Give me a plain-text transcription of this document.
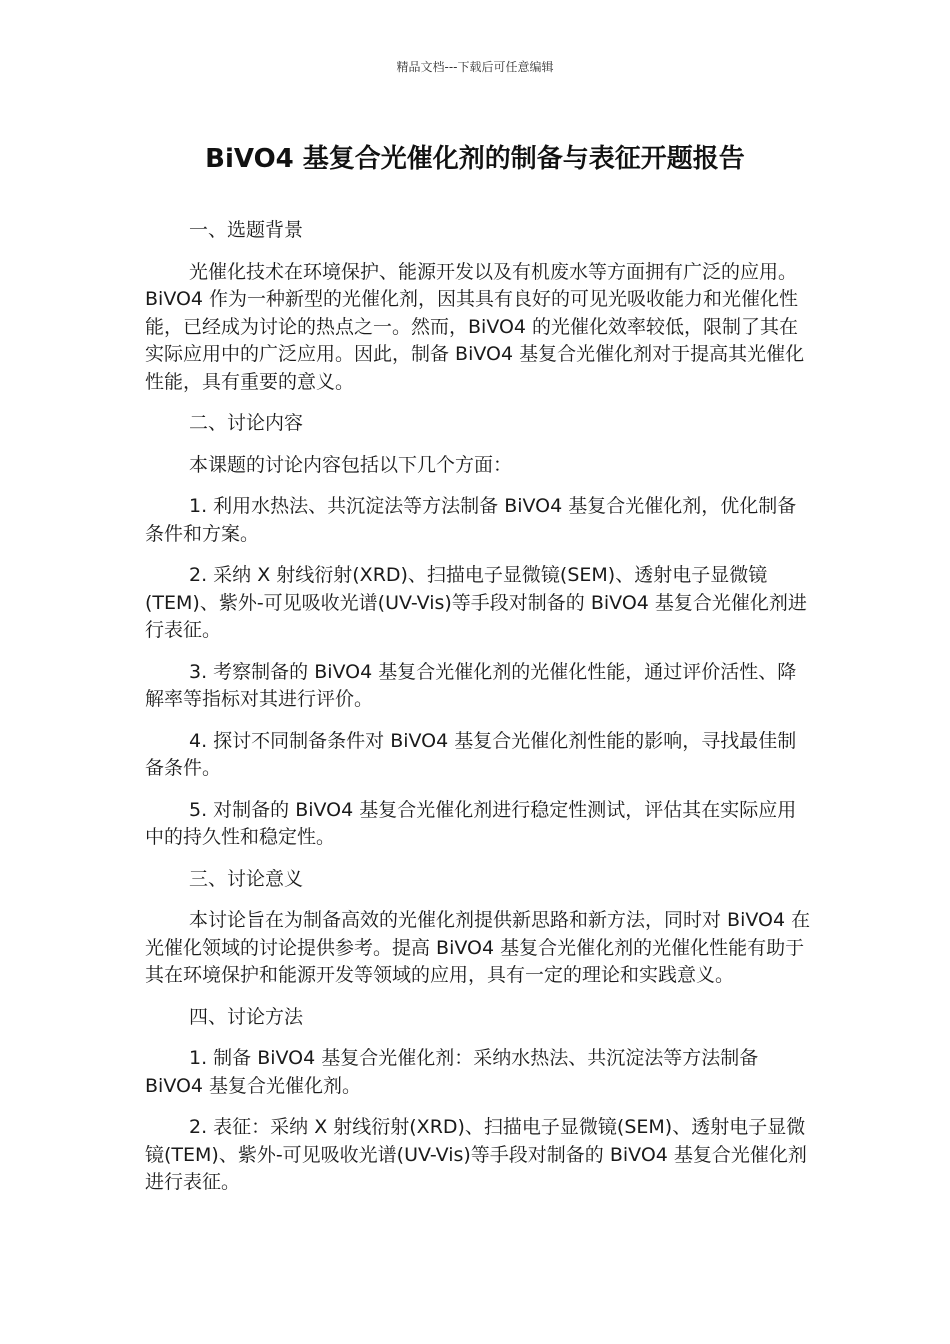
精品文档---下载后可任意编辑
BiVO4 基复合光催化剂的制备与表征开题报告

一、选题背景

光催化技术在环境保护、能源开发以及有机废水等方面拥有广泛的应用。BiVO4 作为一种新型的光催化剂，因其具有良好的可见光吸收能力和光催化性能，已经成为讨论的热点之一。然而，BiVO4 的光催化效率较低，限制了其在实际应用中的广泛应用。因此，制备 BiVO4 基复合光催化剂对于提高其光催化性能，具有重要的意义。

二、讨论内容

本课题的讨论内容包括以下几个方面：

1. 利用水热法、共沉淀法等方法制备 BiVO4 基复合光催化剂，优化制备条件和方案。

2. 采纳 X 射线衍射(XRD)、扫描电子显微镜(SEM)、透射电子显微镜(TEM)、紫外-可见吸收光谱(UV-Vis)等手段对制备的 BiVO4 基复合光催化剂进行表征。

3. 考察制备的 BiVO4 基复合光催化剂的光催化性能，通过评价活性、降解率等指标对其进行评价。

4. 探讨不同制备条件对 BiVO4 基复合光催化剂性能的影响，寻找最佳制备条件。

5. 对制备的 BiVO4 基复合光催化剂进行稳定性测试，评估其在实际应用中的持久性和稳定性。

三、讨论意义

本讨论旨在为制备高效的光催化剂提供新思路和新方法，同时对 BiVO4 在光催化领域的讨论提供参考。提高 BiVO4 基复合光催化剂的光催化性能有助于其在环境保护和能源开发等领域的应用，具有一定的理论和实践意义。

四、讨论方法

1. 制备 BiVO4 基复合光催化剂：采纳水热法、共沉淀法等方法制备 BiVO4 基复合光催化剂。

2. 表征：采纳 X 射线衍射(XRD)、扫描电子显微镜(SEM)、透射电子显微镜(TEM)、紫外-可见吸收光谱(UV-Vis)等手段对制备的 BiVO4 基复合光催化剂进行表征。
